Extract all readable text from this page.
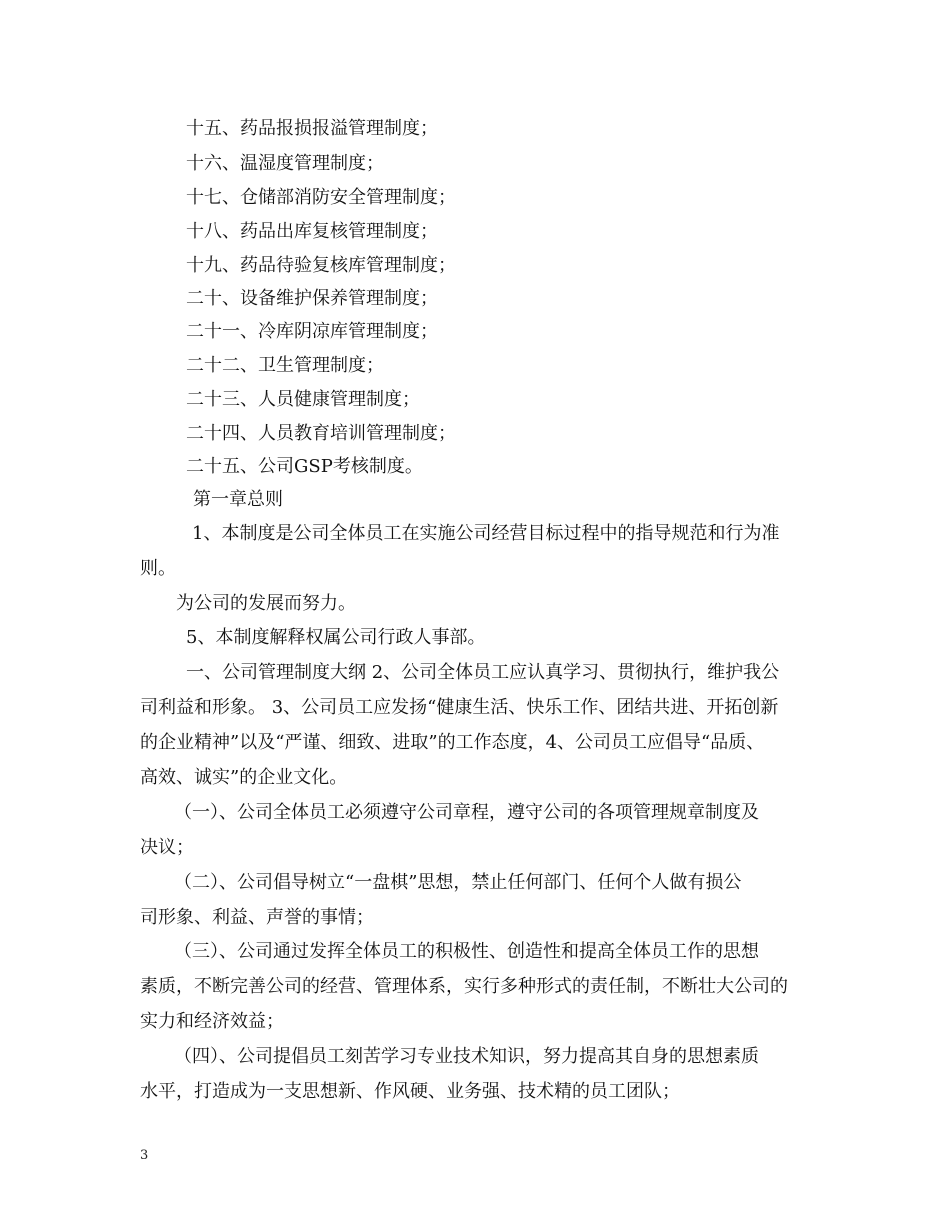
十五、药品报损报溢管理制度；
十六、温湿度管理制度；
十七、仓储部消防安全管理制度；
十八、药品出库复核管理制度；
十九、药品待验复核库管理制度；
二十、设备维护保养管理制度；
二十一、冷库阴凉库管理制度；
二十二、卫生管理制度；
二十三、人员健康管理制度；
二十四、人员教育培训管理制度；
二十五、公司GSP考核制度。
第一章总则
1、本制度是公司全体员工在实施公司经营目标过程中的指导规范和行为准
则。
为公司的发展而努力。
5、本制度解释权属公司行政人事部。
一、公司管理制度大纲 2、公司全体员工应认真学习、贯彻执行，维护我公
司利益和形象。 3、公司员工应发扬“健康生活、快乐工作、团结共进、开拓创新
的企业精神”以及“严谨、细致、进取”的工作态度，4、公司员工应倡导“品质、
高效、诚实”的企业文化。
（一）、公司全体员工必须遵守公司章程，遵守公司的各项管理规章制度及
决议；
（二）、公司倡导树立“一盘棋”思想，禁止任何部门、任何个人做有损公
司形象、利益、声誉的事情；
（三）、公司通过发挥全体员工的积极性、创造性和提高全体员工作的思想
素质，不断完善公司的经营、管理体系，实行多种形式的责任制，不断壮大公司的
实力和经济效益；
（四）、公司提倡员工刻苦学习专业技术知识，努力提高其自身的思想素质
水平，打造成为一支思想新、作风硬、业务强、技术精的员工团队；
3
